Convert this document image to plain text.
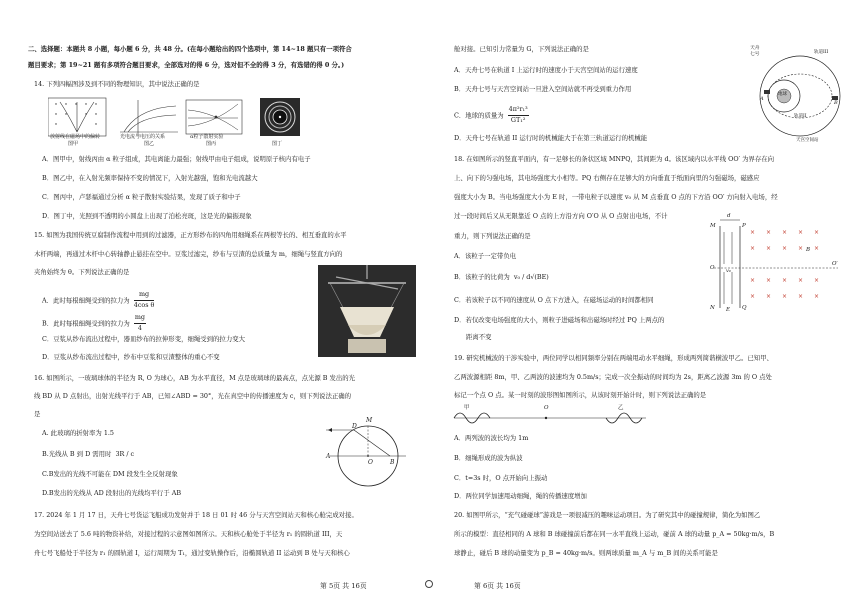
二、选择题：本题共 8 小题，每小题 6 分，共 48 分。(在每小题给出的四个选项中，第 14~18 题只有一项符合
题目要求；第 19~21 题有多项符合题目要求，全部选对的得 6 分，选对但不全的得 3 分，有选错的得 0 分。)
14. 下列四幅图涉及到不同的物理知识，其中说法正确的是
放射线在磁场中的偏转
图甲
光电流与电压的关系
图乙
α粒子散射实验
图丙	图丁
A．图甲中，射线丙由 α 粒子组成，其电离能力最强；射线甲由电子组成，说明原子核内有电子
B．图乙中，在入射光频率保持不变的情况下，入射光越强，饱和光电流越大
C．图丙中，卢瑟福通过分析 α 粒子散射实验结果，发现了质子和中子
D．图丁中，光照到不透明的小圆盘上出现了泊松亮斑，这是光的偏振现象
15. 如图为我国传统豆腐制作流程中用到的过滤器，正方形纱布的四角用细绳系在两根等长的、相互垂直的水平
木杆两端，再通过木杆中心转轴静止悬挂在空中。豆浆过滤完，纱布与豆渣的总质量为 m，细绳与竖直方向的
夹角始终为 θ。下列说法正确的是
A．此时每根细绳受到的拉力为 $\frac{mg}{\text{4cos θ}}$
B．此时每根细绳受到的拉力为 $\frac{mg}{4}$
C．豆浆从纱布流出过程中，器皿纱布的拉伸形变，细绳受到的拉力变大
D．豆浆从纱布流出过程中，纱布中豆浆和豆渣整体的重心不变
16. 如图所示，一玻璃球体的半径为 R, O 为球心，AB 为水平直径，M 点是玻璃球的最高点，点光源 B 发出的光
线 BD 从 D 点射出，出射光线平行于 AB，已知∠ABD = 30°，光在真空中的传播速度为 c，则下列说法正确的
是
A. 此玻璃的折射率为 1.5
B.光线从 B 到 D 需用时 3R / c
C.B发出的光线不可能在 DM 段发生全反射现象
D.B发出的光线从 AD 段射出的光线均平行于 AB
M
D
A
O	B
17. 2024 年 1 月 17 日，天舟七号货运飞船成功发射并于 18 日 01 时 46 分与天宫空间站天和核心舱完成对接。
为空间站送去了 5.6 吨的物资补给，对接过程的示意图如图所示。天和核心舱处于半径为 r₁ 的圆轨道 III，天
舟七号飞船处于半径为 r₁ 的圆轨道 I，运行周期为 T₁，通过变轨操作后，沿椭圆轨道 II 运动到 B 处与天和核心
舱对接。已知引力常量为 G，下列说法正确的是
A．天舟七号在轨道 I 上运行时的速度小于天宫空间站的运行速度
B．天舟七号与天宫空间站一旦进入空间站就不再受到重力作用
C．地球的质量为 $\frac{\text{4π²r₁³}}{\text{GT₁²}}$
D．天舟七号在轨道 II 运行时的机械能大于在第三轨道运行的机械能
天舟七号
A
地球
轨道II
轨道III
天宫空间站
B
18. 在如图所示的竖直平面内，有一足够长的条状区域 MNPQ，其间距为 d。该区域内以水平线 OO′ 为界存在向
上、向下的匀强电场，其电场强度大小相等。PQ 右侧存在足够大的方向垂直于纸面向里的匀强磁场，磁感应
强度大小为 B。当电场强度大小为 E 时，一带电粒子以速度 v₀ 从 M 点垂直 O 点的下方沿 OO′ 方向射入电场，经
过一段时间后又从无限靠近 O 点的上方沿方向 O′O 从 O 点射出电场，不计
重力，则下列说法正确的是
A．该粒子一定带负电
B．该粒子的比荷为 v₀ / d√(BE)
C．若该粒子以不同的速度从 O 点下方进入，在磁场运动的时间都相同
D．若仅改变电场强度的大小，则粒子进磁场和出磁场时经过 PQ 上两点的
距离不变
× × × × ×
× × × × ×
× × × × ×
× × × × ×
M	P
O
O′
N E Q
B
d
v₀
19. 研究机械波的干涉实验中，两位同学以相同频率分别在两端甩动水平细绳，形成两列简谐横波甲乙。已知甲、
乙两波源相距 8m，甲、乙两波的波速均为 0.5m/s；完成一次全振动的时间均为 2s，距离乙波源 3m 的 O 点处
标记一个点 O 点。某一时刻的波形图如图所示，从该时刻开始计时，则下列说法正确的是
甲	O	乙
A．两列波的波长均为 1m
B．细绳形成的波为纵波
C．t=3s 时，O 点开始向上振动
D．两位同学加速甩动细绳，绳的传播速度增加
20. 如图甲所示，“充气碰碰球”游戏是一项很减压的趣味运动项目。为了研究其中的碰撞规律，简化为如图乙
所示的模型：直径相同的 A 球和 B 球碰撞前后都在同一水平直线上运动，碰前 A 球的动量 p_A = 50kg·m/s，B
球静止，碰后 B 球的动量变为 p_B = 40kg·m/s。则两球质量 m_A 与 m_B 间的关系可能是
第 5页 共 16页	第 6页 共 16页
